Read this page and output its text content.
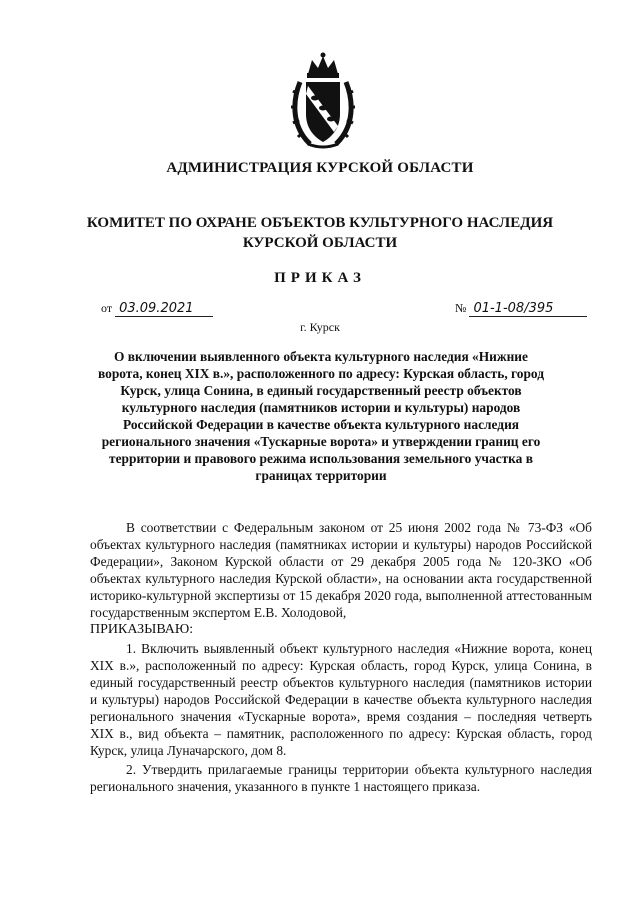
АДМИНИСТРАЦИЯ КУРСКОЙ ОБЛАСТИ
КОМИТЕТ ПО ОХРАНЕ ОБЪЕКТОВ КУЛЬТУРНОГО НАСЛЕДИЯ
КУРСКОЙ ОБЛАСТИ
ПРИКАЗ
от 03.09.2021	№ 01-1-08/395
г. Курск
О включении выявленного объекта культурного наследия «Нижние ворота, конец XIX в.», расположенного по адресу: Курская область, город Курск, улица Сонина, в единый государственный реестр объектов культурного наследия (памятников истории и культуры) народов Российской Федерации в качестве объекта культурного наследия регионального значения «Тускарные ворота» и утверждении границ его территории и правового режима использования земельного участка в границах территории

В соответствии с Федеральным законом от 25 июня 2002 года № 73-ФЗ «Об объектах культурного наследия (памятниках истории и культуры) народов Российской Федерации», Законом Курской области от 29 декабря 2005 года № 120-ЗКО «Об объектах культурного наследия Курской области», на основании акта государственной историко-культурной экспертизы от 15 декабря 2020 года, выполненной аттестованным государственным экспертом Е.В. Холодовой,

ПРИКАЗЫВАЮ:

1. Включить выявленный объект культурного наследия «Нижние ворота, конец XIX в.», расположенный по адресу: Курская область, город Курск, улица Сонина, в единый государственный реестр объектов культурного наследия (памятников истории и культуры) народов Российской Федерации в качестве объекта культурного наследия регионального значения «Тускарные ворота», время создания – последняя четверть XIX в., вид объекта – памятник, расположенного по адресу: Курская область, город Курск, улица Луначарского, дом 8.

2. Утвердить прилагаемые границы территории объекта культурного наследия регионального значения, указанного в пункте 1 настоящего приказа.
